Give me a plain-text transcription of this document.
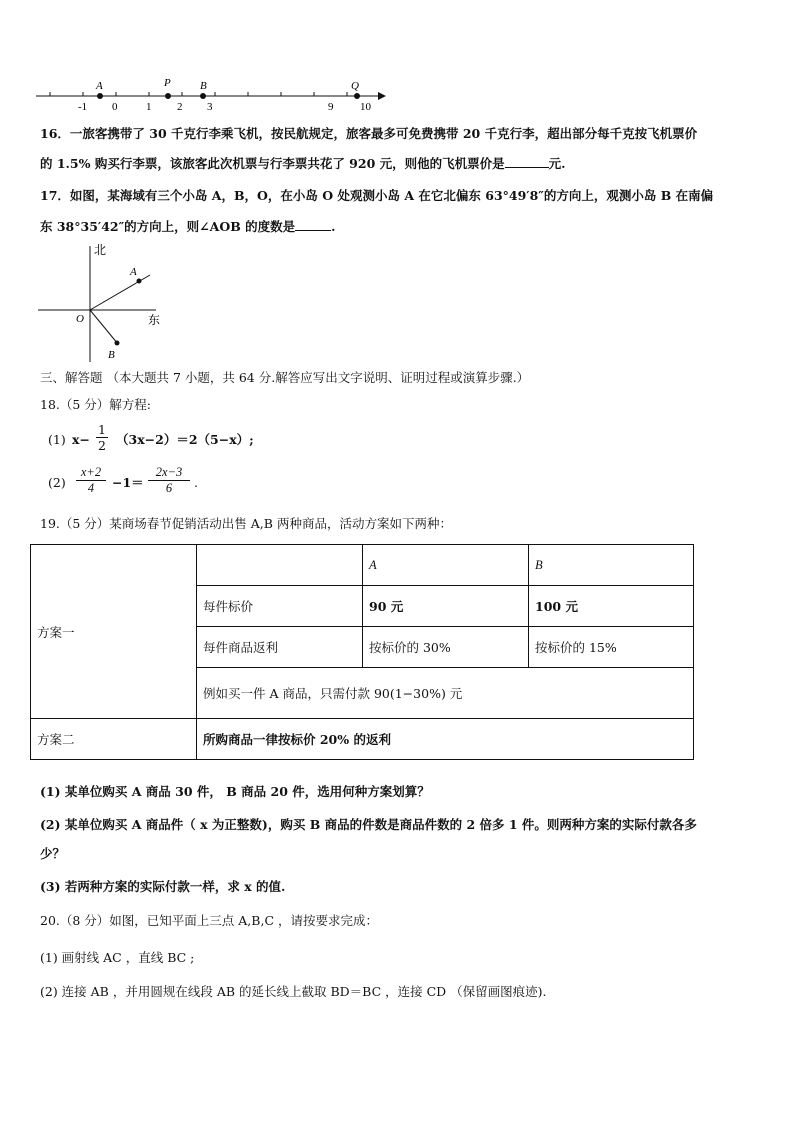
A	P	B	Q
-1 0	1 2 3	9 10
16．一旅客携带了 30 千克行李乘飞机，按民航规定，旅客最多可免费携带 20 千克行李，超出部分每千克按飞机票价
的 1.5% 购买行李票，该旅客此次机票与行李票共花了 920 元，则他的飞机票价是	元.
17．如图，某海域有三个小岛 A，B，O，在小岛 O 处观测小岛 A 在它北偏东 63°49′8″的方向上，观测小岛 B 在南偏
东 38°35′42″的方向上，则∠AOB 的度数是	.
北
东
O
A
B
三、解答题 （本大题共 7 小题，共 64 分.解答应写出文字说明、证明过程或演算步骤.）
18.（5 分）解方程:
(1) $x- \frac{1}{2} (3x-2)=2(5-x)$;
$(2) \frac{x+2}{4} -1= \frac{2x-3}{6}$ .
19.（5 分）某商场春节促销活动出售 A,B 两种商品，活动方案如下两种：
方案一		A	B
	每件标价	90 元	100 元
	每件商品返利	按标价的 30%	按标价的 15%
	例如买一件 A 商品，只需付款 90(1−30%) 元		
方案二	所购商品一律按标价 20% 的返利		
(1) 某单位购买 A 商品 30 件， B 商品 20 件，选用何种方案划算？
(2) 某单位购买 A 商品件（ x 为正整数)，购买 B 商品的件数是商品件数的 2 倍多 1 件。则两种方案的实际付款各多
少？
(3) 若两种方案的实际付款一样，求 x 的值.
20.（8 分）如图，已知平面上三点 A,B,C ，请按要求完成：
(1) 画射线 AC ，直线 BC ;
(2) 连接 AB ，并用圆规在线段 AB 的延长线上截取 BD＝BC ，连接 CD （保留画图痕迹).
